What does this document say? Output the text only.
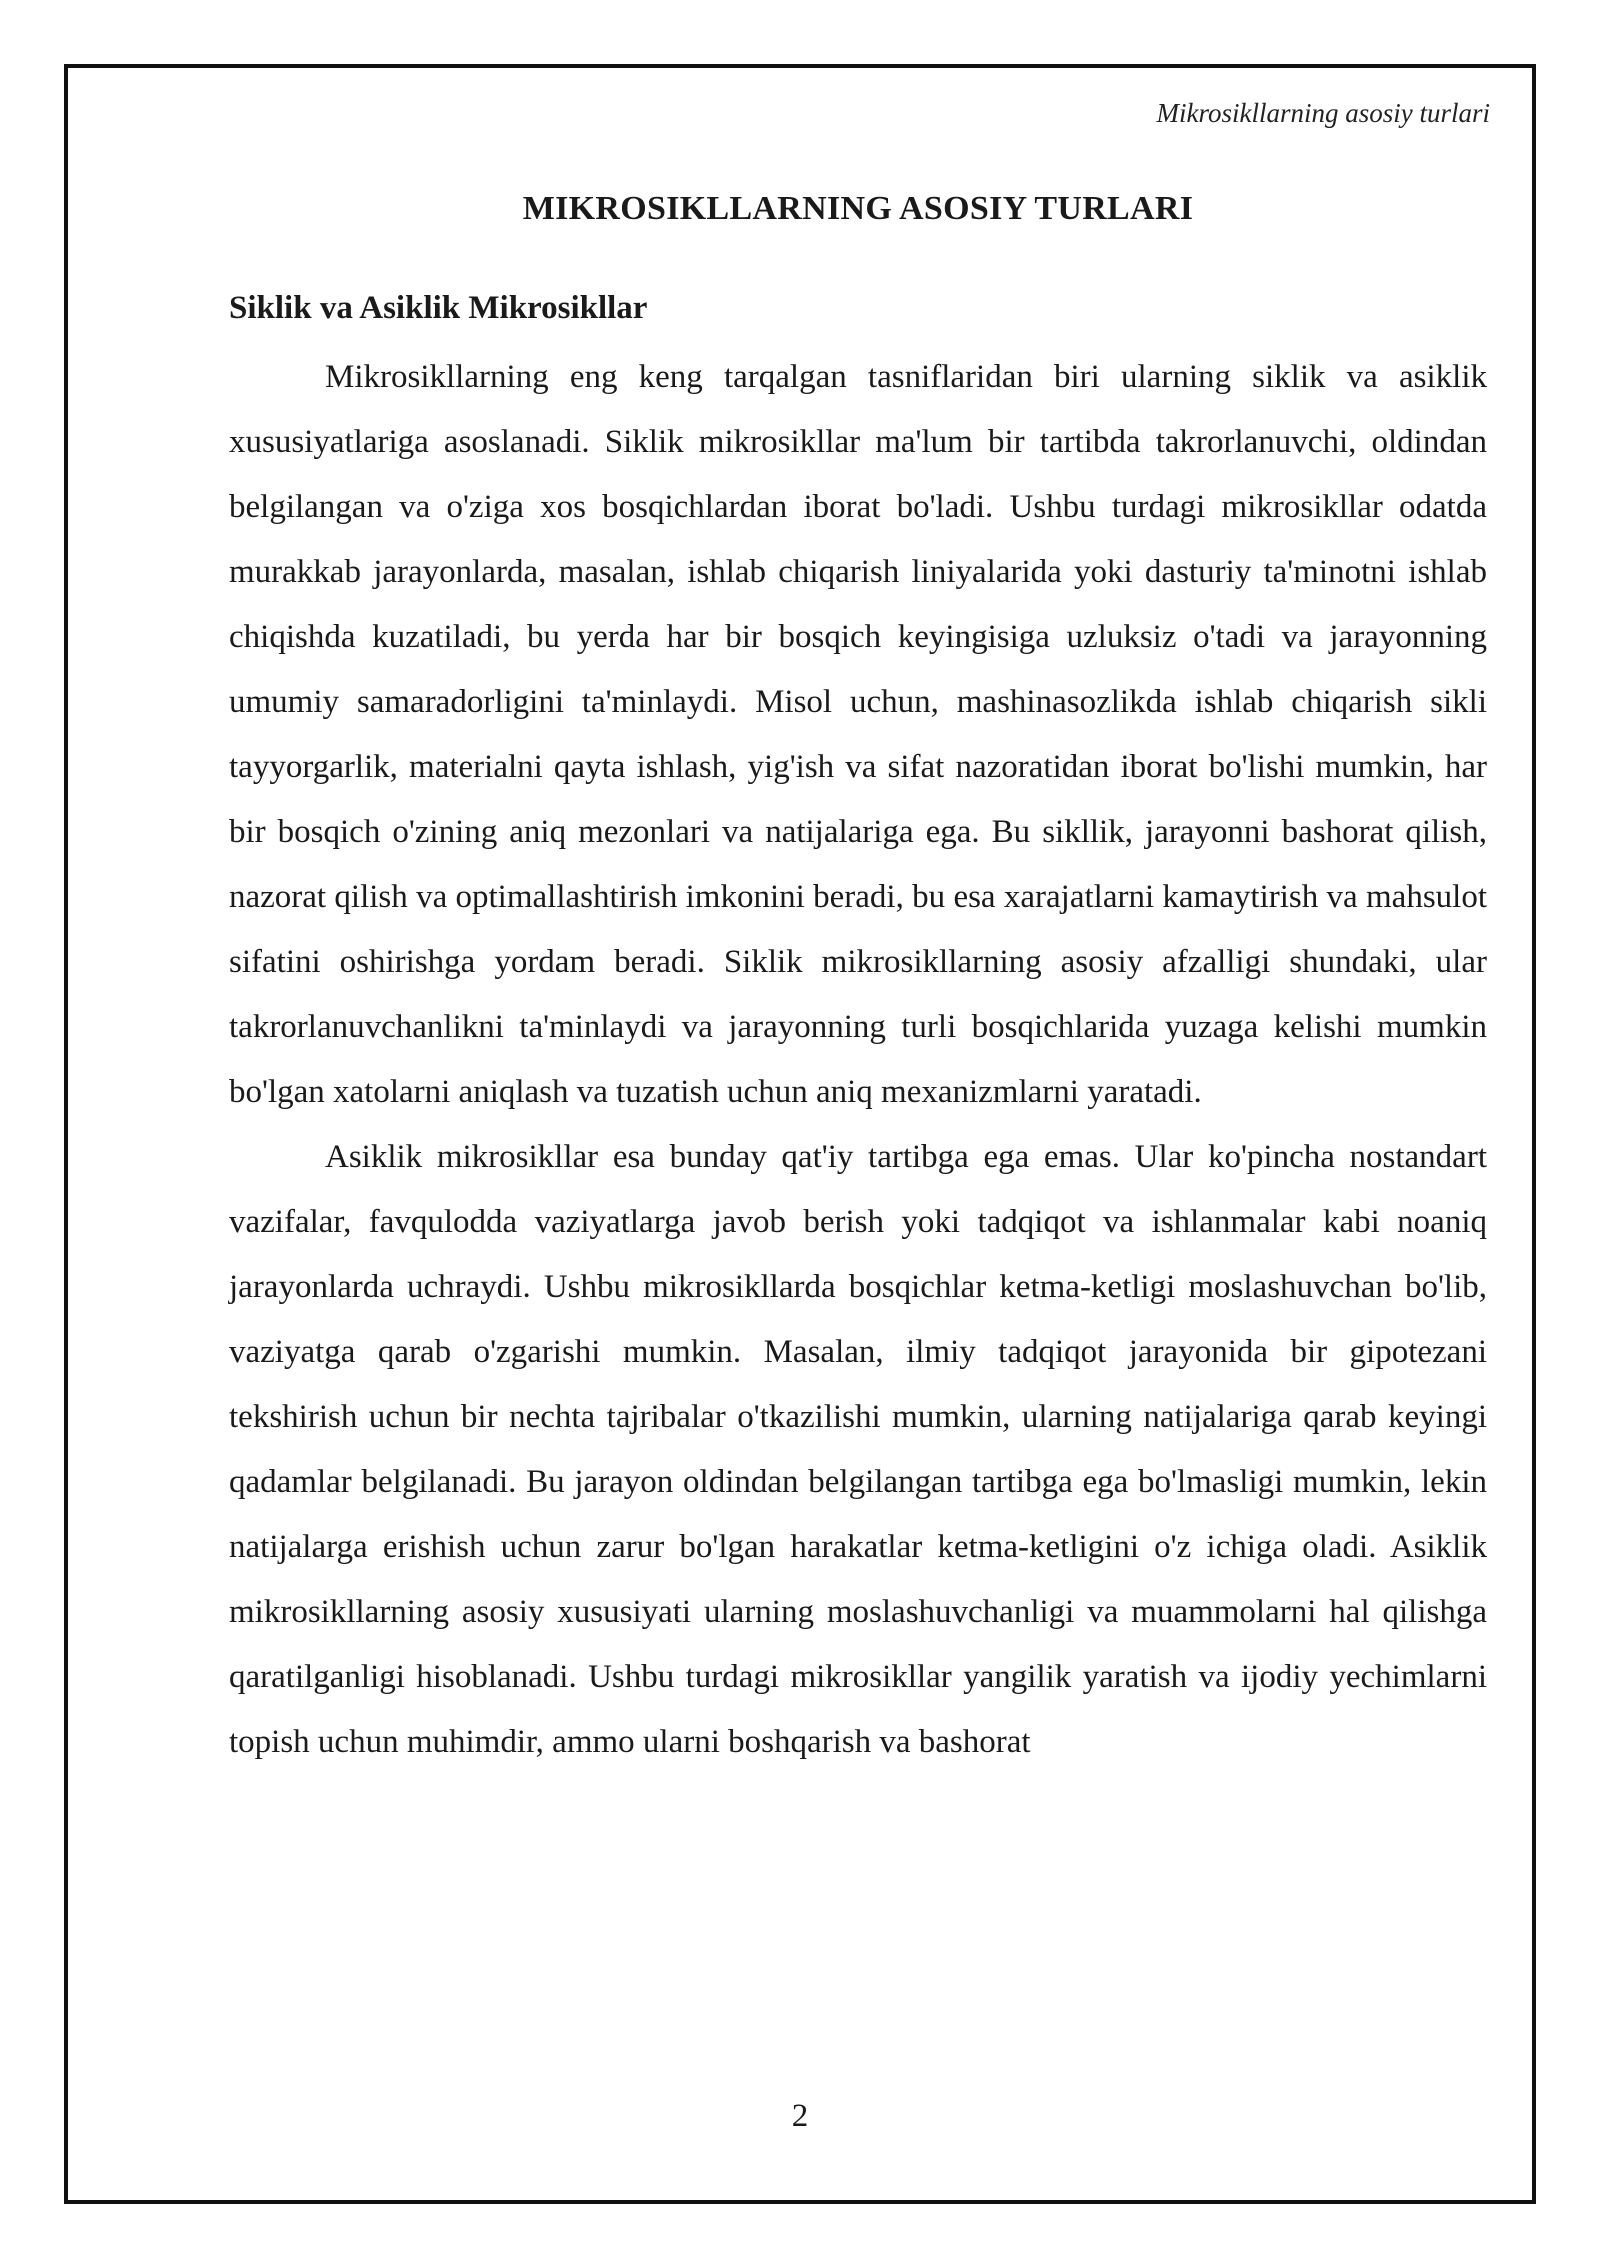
Mikrosikllarning asosiy turlari
MIKROSIKLLARNING ASOSIY TURLARI
Siklik va Asiklik Mikrosikllar

Mikrosikllarning eng keng tarqalgan tasniflaridan biri ularning siklik va asiklik xususiyatlariga asoslanadi. Siklik mikrosikllar ma'lum bir tartibda takrorlanuvchi, oldindan belgilangan va o'ziga xos bosqichlardan iborat bo'ladi. Ushbu turdagi mikrosikllar odatda murakkab jarayonlarda, masalan, ishlab chiqarish liniyalarida yoki dasturiy ta'minotni ishlab chiqishda kuzatiladi, bu yerda har bir bosqich keyingisiga uzluksiz o'tadi va jarayonning umumiy samaradorligini ta'minlaydi. Misol uchun, mashinasozlikda ishlab chiqarish sikli tayyorgarlik, materialni qayta ishlash, yig'ish va sifat nazoratidan iborat bo'lishi mumkin, har bir bosqich o'zining aniq mezonlari va natijalariga ega. Bu sikllik, jarayonni bashorat qilish, nazorat qilish va optimallashtirish imkonini beradi, bu esa xarajatlarni kamaytirish va mahsulot sifatini oshirishga yordam beradi. Siklik mikrosikllarning asosiy afzalligi shundaki, ular takrorlanuvchanlikni ta'minlaydi va jarayonning turli bosqichlarida yuzaga kelishi mumkin bo'lgan xatolarni aniqlash va tuzatish uchun aniq mexanizmlarni yaratadi.

Asiklik mikrosikllar esa bunday qat'iy tartibga ega emas. Ular ko'pincha nostandart vazifalar, favqulodda vaziyatlarga javob berish yoki tadqiqot va ishlanmalar kabi noaniq jarayonlarda uchraydi. Ushbu mikrosikllarda bosqichlar ketma-ketligi moslashuvchan bo'lib, vaziyatga qarab o'zgarishi mumkin. Masalan, ilmiy tadqiqot jarayonida bir gipotezani tekshirish uchun bir nechta tajribalar o'tkazilishi mumkin, ularning natijalariga qarab keyingi qadamlar belgilanadi. Bu jarayon oldindan belgilangan tartibga ega bo'lmasligi mumkin, lekin natijalarga erishish uchun zarur bo'lgan harakatlar ketma-ketligini o'z ichiga oladi. Asiklik mikrosikllarning asosiy xususiyati ularning moslashuvchanligi va muammolarni hal qilishga qaratilganligi hisoblanadi. Ushbu turdagi mikrosikllar yangilik yaratish va ijodiy yechimlarni topish uchun muhimdir, ammo ularni boshqarish va bashorat

2
